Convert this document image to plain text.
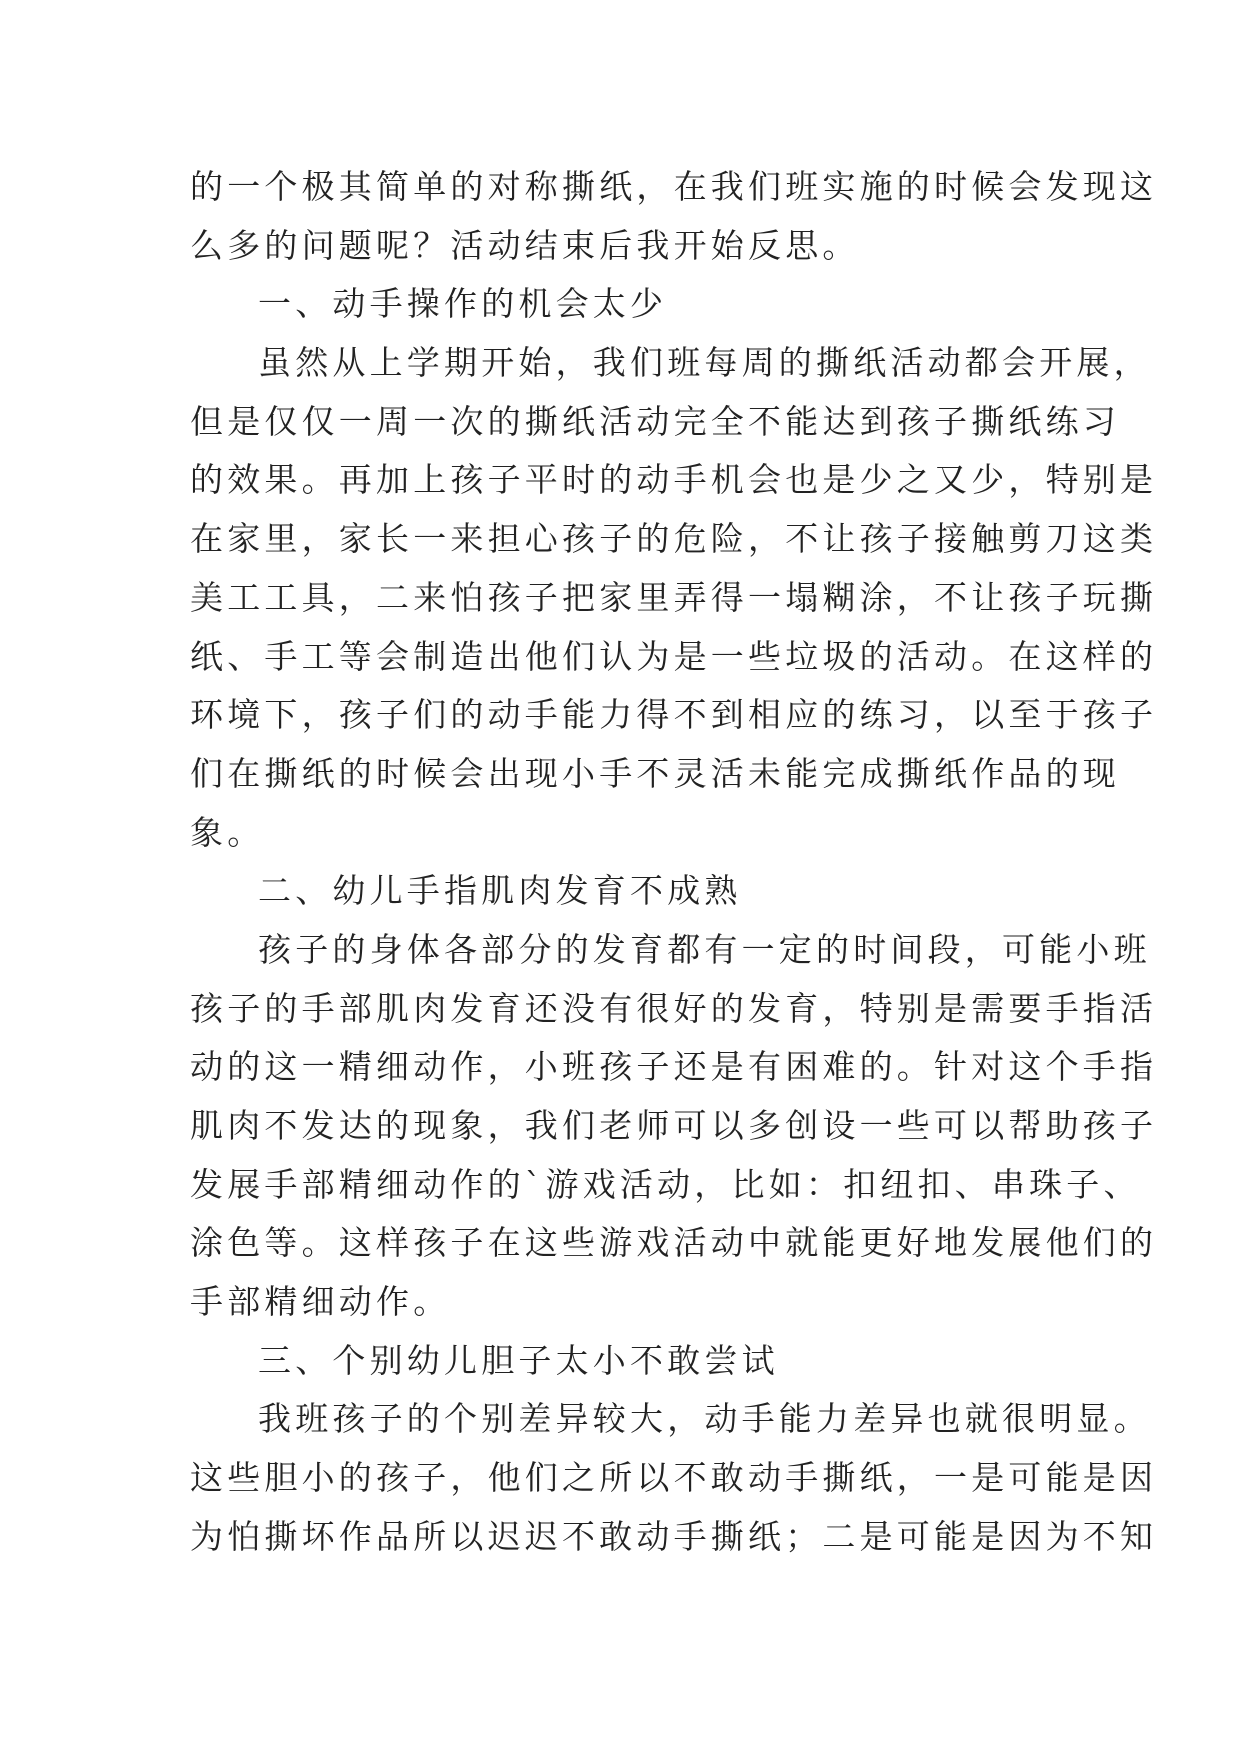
的一个极其简单的对称撕纸，在我们班实施的时候会发现这
么多的问题呢？活动结束后我开始反思。
一、动手操作的机会太少
虽然从上学期开始，我们班每周的撕纸活动都会开展，
但是仅仅一周一次的撕纸活动完全不能达到孩子撕纸练习
的效果。再加上孩子平时的动手机会也是少之又少，特别是
在家里，家长一来担心孩子的危险，不让孩子接触剪刀这类
美工工具，二来怕孩子把家里弄得一塌糊涂，不让孩子玩撕
纸、手工等会制造出他们认为是一些垃圾的活动。在这样的
环境下，孩子们的动手能力得不到相应的练习，以至于孩子
们在撕纸的时候会出现小手不灵活未能完成撕纸作品的现
象。
二、幼儿手指肌肉发育不成熟
孩子的身体各部分的发育都有一定的时间段，可能小班
孩子的手部肌肉发育还没有很好的发育，特别是需要手指活
动的这一精细动作，小班孩子还是有困难的。针对这个手指
肌肉不发达的现象，我们老师可以多创设一些可以帮助孩子
发展手部精细动作的`游戏活动，比如：扣纽扣、串珠子、
涂色等。这样孩子在这些游戏活动中就能更好地发展他们的
手部精细动作。
三、个别幼儿胆子太小不敢尝试
我班孩子的个别差异较大，动手能力差异也就很明显。
这些胆小的孩子，他们之所以不敢动手撕纸，一是可能是因
为怕撕坏作品所以迟迟不敢动手撕纸；二是可能是因为不知
